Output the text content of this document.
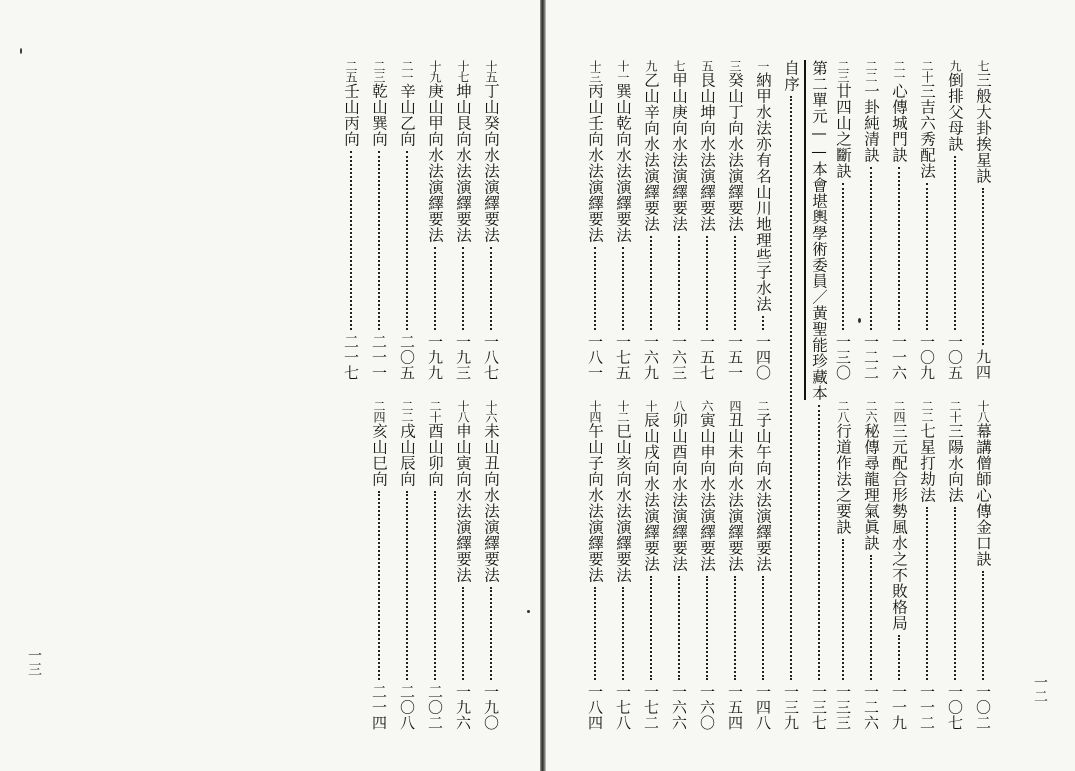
一二
一三
七
三般大卦挨星訣
九四
九
倒排父母訣
一〇五
二十
三吉六秀配法
一〇九
二一
心傳城門訣
一一六
二二
一卦純清訣
一二二
二三
廿四山之斷訣
一三〇
十八
幕講僧師心傳金口訣
一〇二
二十
三陽水向法
一〇七
二二
七星打劫法
一一二
二四
三元配合形勢風水之不敗格局
一一九
二六
秘傳尋龍理氣眞訣
一二六
二八
行道作法之要訣
一三三
第二單元——本會堪輿學術委員／黃聖能珍藏本
一三七
自序
一三九
一
納甲水法亦有名山川地理些子水法
一四〇
三
癸山丁向水法演繹要法
一五一
五
艮山坤向水法演繹要法
一五七
七
甲山庚向水法演繹要法
一六三
九
乙山辛向水法演繹要法
一六九
十一
巽山乾向水法演繹要法
一七五
十三
丙山壬向水法演繹要法
一八一
二
子山午向水法演繹要法
一四八
四
丑山未向水法演繹要法
一五四
六
寅山申向水法演繹要法
一六〇
八
卯山酉向水法演繹要法
一六六
十
辰山戌向水法演繹要法
一七二
十二
巳山亥向水法演繹要法
一七八
十四
午山子向水法演繹要法
一八四
十五
丁山癸向水法演繹要法
一八七
十七
坤山艮向水法演繹要法
一九三
十九
庚山甲向水法演繹要法
一九九
二一
辛山乙向
二〇五
二三
乾山巽向
二一一
二五
壬山丙向
二一七
十六
未山丑向水法演繹要法
一九〇
十八
申山寅向水法演繹要法
一九六
二十
酉山卯向
二〇二
二二
戌山辰向
二〇八
二四
亥山巳向
二一四
